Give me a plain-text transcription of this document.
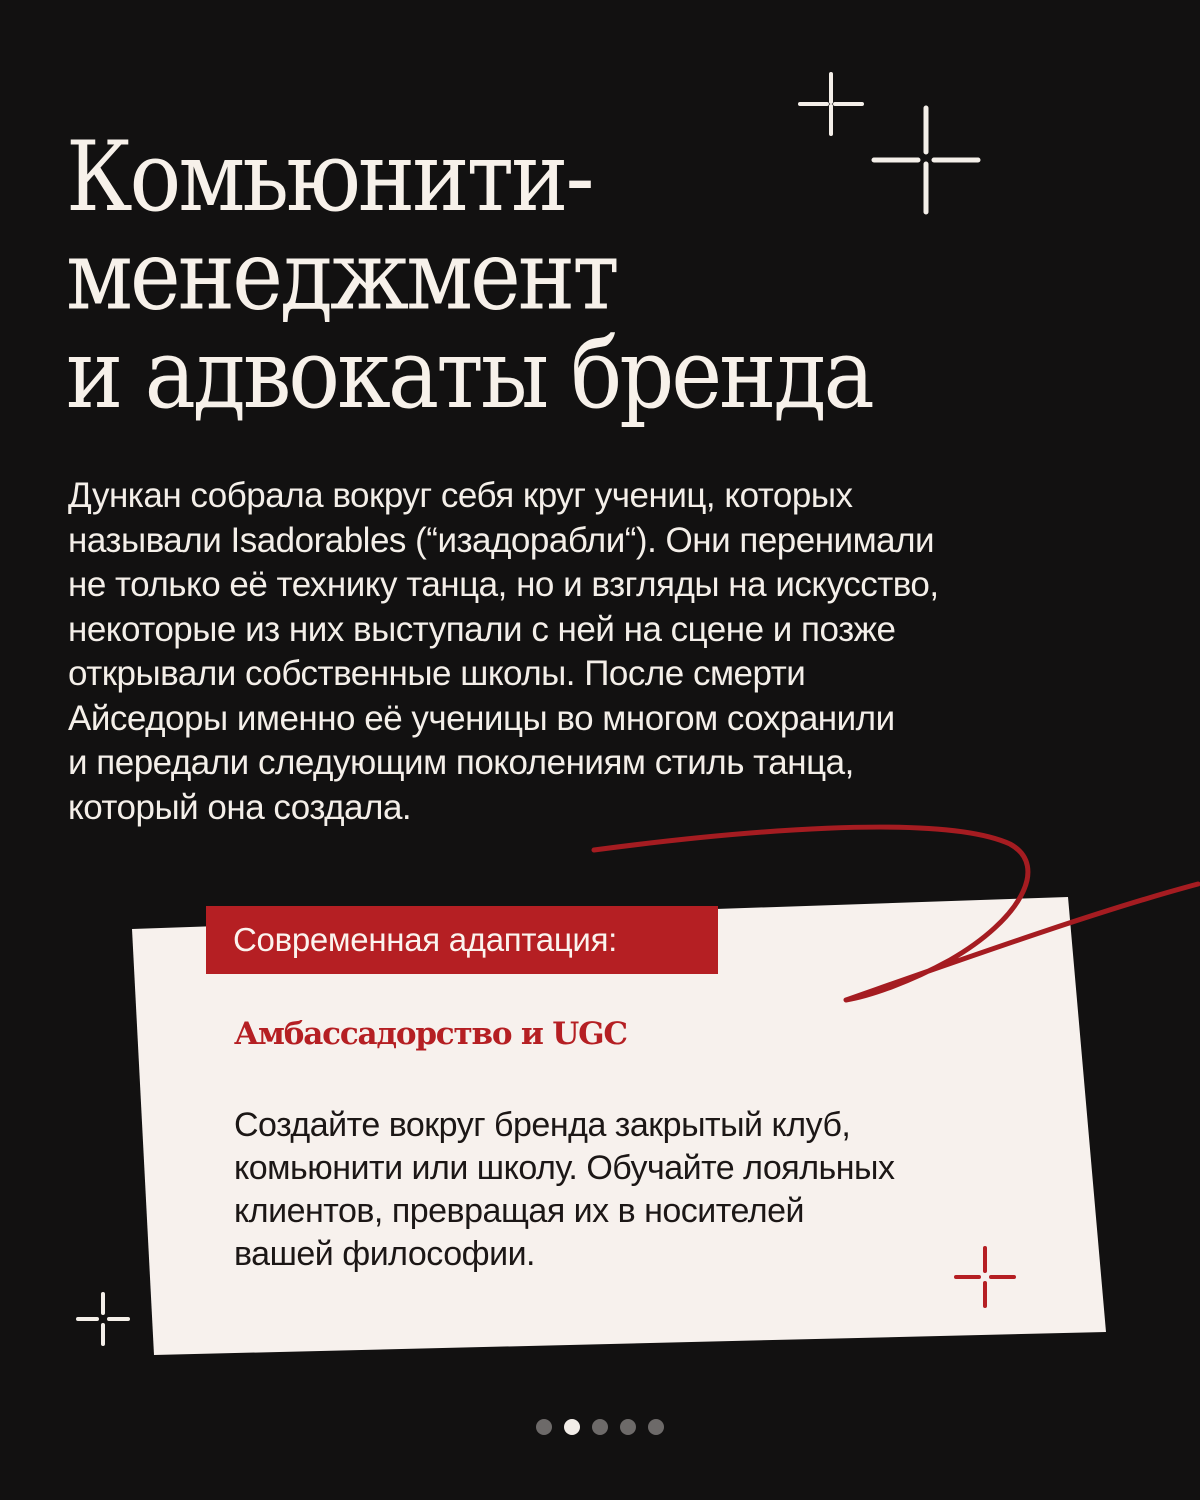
Комьюнити-
менеджмент
и адвокаты бренда

Дункан собрала вокруг себя круг учениц, которых
называли Isadorables (“изадорабли“). Они перенимали
не только её технику танца, но и взгляды на искусство,
некоторые из них выступали с ней на сцене и позже
открывали собственные школы. После смерти
Айседоры именно её ученицы во многом сохранили
и передали следующим поколениям стиль танца,
который она создала.

Современная адаптация:
Амбассадорство и UGC

Создайте вокруг бренда закрытый клуб,
комьюнити или школу. Обучайте лояльных
клиентов, превращая их в носителей
вашей философии.
